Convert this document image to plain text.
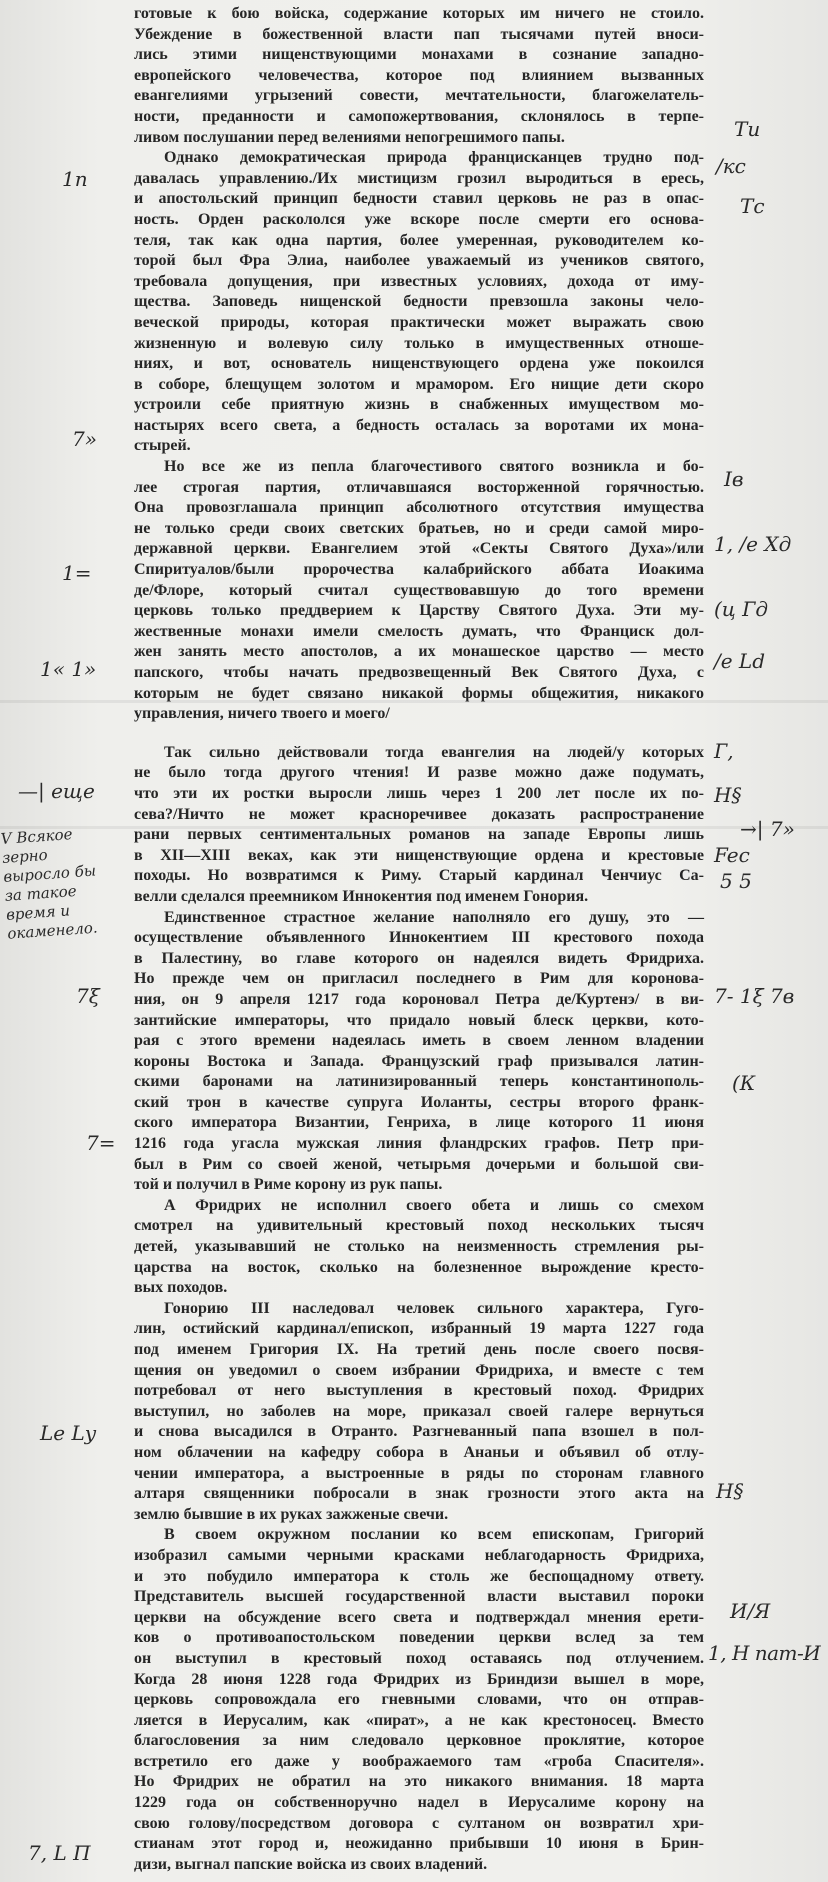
готовые к бою войска, содержание которых им ничего не стоило.
Убеждение в божественной власти пап тысячами путей вноси-
лись этими нищенствующими монахами в сознание западно-
европейского человечества, которое под влиянием вызванных
евангелиями угрызений совести, мечтательности, благожелатель-
ности, преданности и самопожертвования, склонялось в терпе-
ливом послушании перед велениями непогрешимого папы.
Однако демократическая природа францисканцев трудно под-
давалась управлению./Их мистицизм грозил выродиться в ересь,
и апостольский принцип бедности ставил церковь не раз в опас-
ность. Орден раскололся уже вскоре после смерти его основа-
теля, так как одна партия, более умеренная, руководителем ко-
торой был Фра Элиа, наиболее уважаемый из учеников святого,
требовала допущения, при известных условиях, дохода от иму-
щества. Заповедь нищенской бедности превзошла законы чело-
веческой природы, которая практически может выражать свою
жизненную и волевую силу только в имущественных отноше-
ниях, и вот, основатель нищенствующего ордена уже покоился
в соборе, блещущем золотом и мрамором. Его нищие дети скоро
устроили себе приятную жизнь в снабженных имуществом мо-
настырях всего света, а бедность осталась за воротами их мона-
стырей.
Но все же из пепла благочестивого святого возникла и бо-
лее строгая партия, отличавшаяся восторженной горячностью.
Она провозглашала принцип абсолютного отсутствия имущества
не только среди своих светских братьев, но и среди самой миро-
державной церкви. Евангелием этой «Секты Святого Духа»/или
Спиритуалов/были пророчества калабрийского аббата Иоакима
де/Флоре, который считал существовавшую до того времени
церковь только преддверием к Царству Святого Духа. Эти му-
жественные монахи имели смелость думать, что Франциск дол-
жен занять место апостолов, а их монашеское царство — место
папского, чтобы начать предвозвещенный Век Святого Духа, с
которым не будет связано никакой формы общежития, никакого
управления, ничего твоего и моего/
Так сильно действовали тогда евангелия на людей/у которых
не было тогда другого чтения! И разве можно даже подумать,
что эти их ростки выросли лишь через 1 200 лет после их по-
сева?/Ничто не может красноречивее доказать распространение
рани первых сентиментальных романов на западе Европы лишь
в XII—XIII веках, как эти нищенствующие ордена и крестовые
походы. Но возвратимся к Риму. Старый кардинал Ченчиус Са-
велли сделался преемником Иннокентия под именем Гонория.
Единственное страстное желание наполняло его душу, это —
осуществление объявленного Иннокентием III крестового похода
в Палестину, во главе которого он надеялся видеть Фридриха.
Но прежде чем он пригласил последнего в Рим для коронова-
ния, он 9 апреля 1217 года короновал Петра де/Куртенэ/ в ви-
зантийские императоры, что придало новый блеск церкви, кото-
рая с этого времени надеялась иметь в своем ленном владении
короны Востока и Запада. Французский граф призывался латин-
скими баронами на латинизированный теперь константинополь-
ский трон в качестве супруга Иоланты, сестры второго франк-
ского императора Византии, Генриха, в лице которого 11 июня
1216 года угасла мужская линия фландрских графов. Петр при-
был в Рим со своей женой, четырьмя дочерьми и большой сви-
той и получил в Риме корону из рук папы.
А Фридрих не исполнил своего обета и лишь со смехом
смотрел на удивительный крестовый поход нескольких тысяч
детей, указывавший не столько на неизменность стремления ры-
царства на восток, сколько на болезненное вырождение кресто-
вых походов.
Гонорию III наследовал человек сильного характера, Гуго-
лин, остийский кардинал/епископ, избранный 19 марта 1227 года
под именем Григория IX. На третий день после своего посвя-
щения он уведомил о своем избрании Фридриха, и вместе с тем
потребовал от него выступления в крестовый поход. Фридрих
выступил, но заболев на море, приказал своей галере вернуться
и снова высадился в Отранто. Разгневанный папа взошел в пол-
ном облачении на кафедру собора в Ананьи и объявил об отлу-
чении императора, а выстроенные в ряды по сторонам главного
алтаря священники побросали в знак грозности этого акта на
землю бывшие в их руках зажженые свечи.
В своем окружном послании ко всем епископам, Григорий
изобразил самыми черными красками неблагодарность Фридриха,
и это побудило императора к столь же беспощадному ответу.
Представитель высшей государственной власти выставил пороки
церкви на обсуждение всего света и подтверждал мнения ерети-
ков о противоапостольском поведении церкви вслед за тем
он выступил в крестовый поход оставаясь под отлучением.
Когда 28 июня 1228 года Фридрих из Бриндизи вышел в море,
церковь сопровождала его гневными словами, что он отправ-
ляется в Иерусалим, как «пират», а не как крестоносец. Вместо
благословения за ним следовало церковное проклятие, которое
встретило его даже у воображаемого там «гроба Спасителя».
Но Фридрих не обратил на это никакого внимания. 18 марта
1229 года он собственноручно надел в Иерусалиме корону на
свою голову/посредством договора с султаном он возвратил хри-
стианам этот город и, неожиданно прибывши 10 июня в Брин-
дизи, выгнал папские войска из своих владений.
Ти
/кс
Тс
Ів
1, /е Хд
(ц Гд
/е Ld
Г,
Н§
→| 7»
Fec
5 5
7- 1ξ 7в
(К
Н§
И/Я
1, Н пат-И
1п
7»
1=
1« 1»
—| еще
7ξ
7=
Lе Lу
7, L П
V Всякое зерно выросло бы за такое время и окаменело.
